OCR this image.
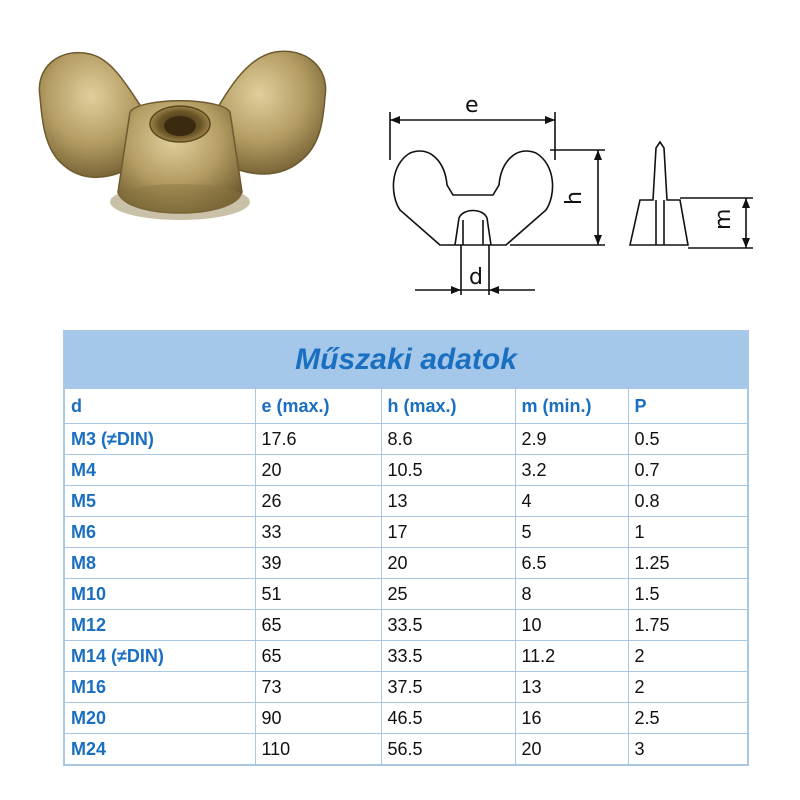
e
h
d
m
Műszaki adatok				
d	e (max.)	h (max.)	m (min.)	P
M3 (≠DIN)	17.6	8.6	2.9	0.5
M4	20	10.5	3.2	0.7
M5	26	13	4	0.8
M6	33	17	5	1
M8	39	20	6.5	1.25
M10	51	25	8	1.5
M12	65	33.5	10	1.75
M14 (≠DIN)	65	33.5	11.2	2
M16	73	37.5	13	2
M20	90	46.5	16	2.5
M24	110	56.5	20	3
